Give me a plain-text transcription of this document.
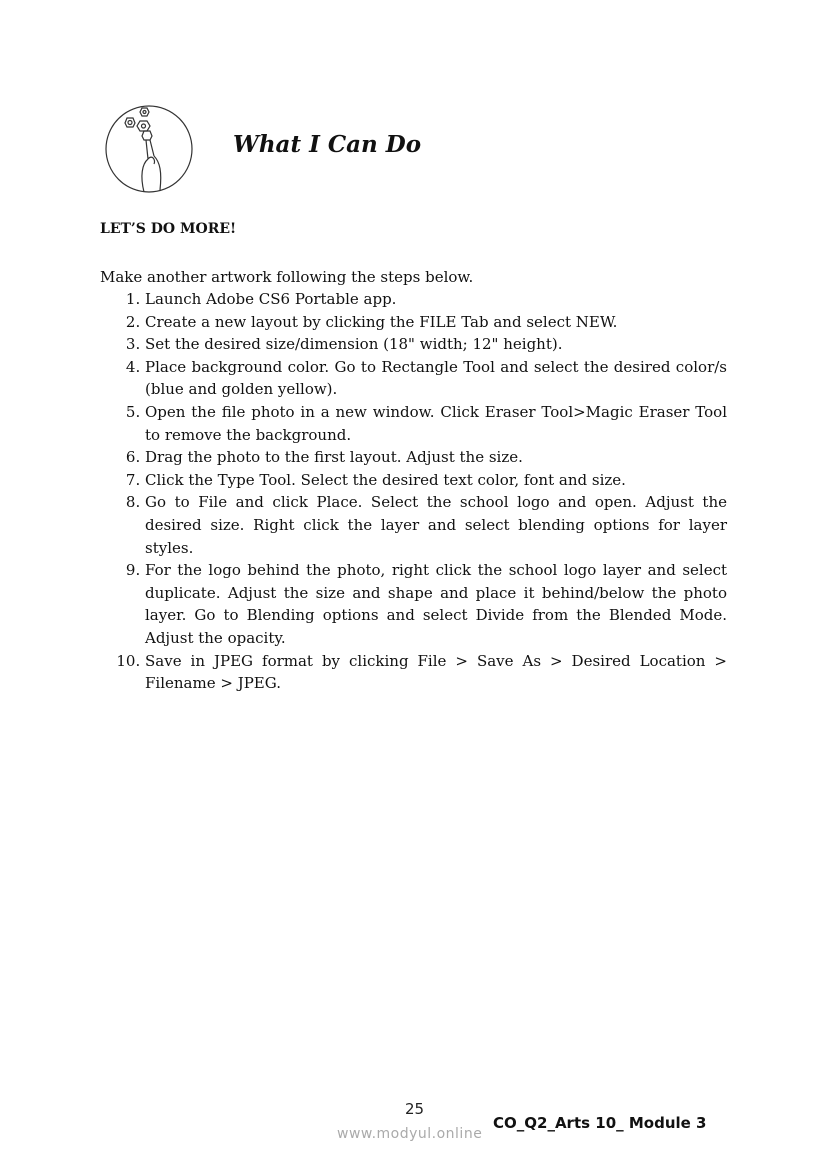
What I Can Do
LET’S DO MORE!
Make another artwork following the steps below.
1. Launch Adobe CS6 Portable app.
2. Create a new layout by clicking the FILE Tab and select NEW.
3. Set the desired size/dimension (18" width; 12" height).
4. Place background color. Go to Rectangle Tool and select the desired color/s (blue and golden yellow).
5. Open the file photo in a new window. Click Eraser Tool>Magic Eraser Tool to remove the background.
6. Drag the photo to the first layout. Adjust the size.
7. Click the Type Tool. Select the desired text color, font and size.
8. Go to File and click Place. Select the school logo and open. Adjust the desired size. Right click the layer and select blending options for layer styles.
9. For the logo behind the photo, right click the school logo layer and select duplicate. Adjust the size and shape and place it behind/below the photo layer. Go to Blending options and select Divide from the Blended Mode. Adjust the opacity.
10. Save in JPEG format by clicking File > Save As > Desired Location > Filename > JPEG.
25
www.modyul.online
CO_Q2_Arts 10_ Module 3
